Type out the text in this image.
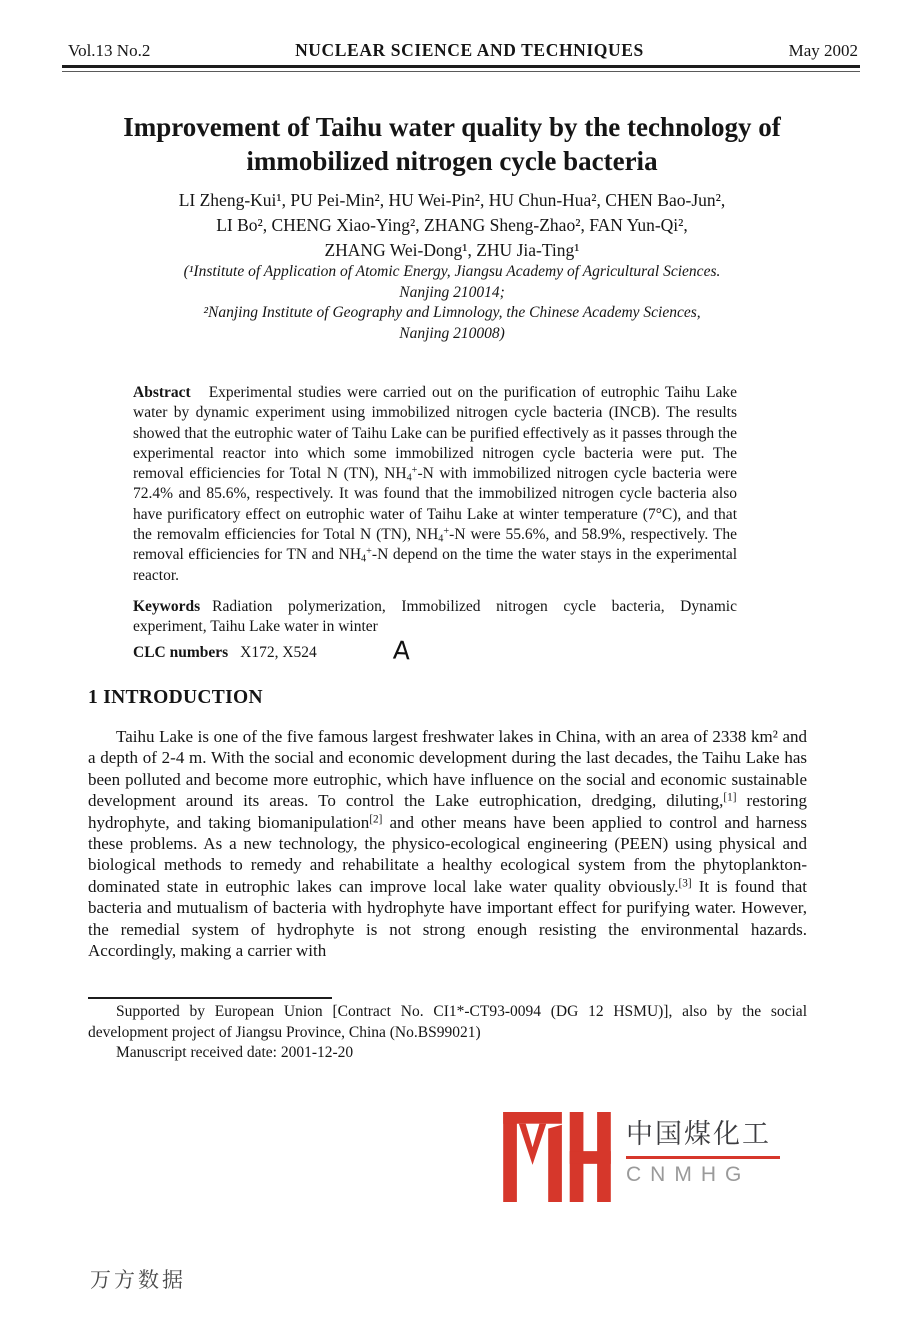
Vol.13 No.2	NUCLEAR SCIENCE AND TECHNIQUES	May 2002
Improvement of Taihu water quality by the technology of
immobilized nitrogen cycle bacteria
LI Zheng-Kui¹, PU Pei-Min², HU Wei-Pin², HU Chun-Hua², CHEN Bao-Jun²,
LI Bo², CHENG Xiao-Ying², ZHANG Sheng-Zhao², FAN Yun-Qi²,
ZHANG Wei-Dong¹, ZHU Jia-Ting¹
(¹Institute of Application of Atomic Energy, Jiangsu Academy of Agricultural Sciences.
Nanjing 210014;
²Nanjing Institute of Geography and Limnology, the Chinese Academy Sciences,
Nanjing 210008)
Abstract Experimental studies were carried out on the purification of eutrophic Taihu Lake water by dynamic experiment using immobilized nitrogen cycle bacteria (INCB). The results showed that the eutrophic water of Taihu Lake can be purified effectively as it passes through the experimental reactor into which some immobilized nitrogen cycle bacteria were put. The removal efficiencies for Total N (TN), $NH_4^+-N$ with immobilized nitrogen cycle bacteria were 72.4% and 85.6%, respectively. It was found that the immobilized nitrogen cycle bacteria also have purificatory effect on eutrophic water of Taihu Lake at winter temperature (7°C), and that the removalm efficiencies for Total N (TN), $NH_4^+-N$ were 55.6%, and 58.9%, respectively. The removal efficiencies for TN and $NH_4^+-N$ depend on the time the water stays in the experimental reactor.
Keywords Radiation polymerization, Immobilized nitrogen cycle bacteria, Dynamic experiment, Taihu Lake water in winter
CLC numbers X172, X524	A
1 INTRODUCTION

Taihu Lake is one of the five famous largest freshwater lakes in China, with an area of 2338 km² and a depth of 2-4 m. With the social and economic development during the last decades, the Taihu Lake has been polluted and become more eutrophic, which have influence on the social and economic sustainable development around its areas. To control the Lake eutrophication, dredging, diluting,[1] restoring hydrophyte, and taking biomanipulation[2] and other means have been applied to control and harness these problems. As a new technology, the physico-ecological engineering (PEEN) using physical and biological methods to remedy and rehabilitate a healthy ecological system from the phytoplankton-dominated state in eutrophic lakes can improve local lake water quality obviously.[3] It is found that bacteria and mutualism of bacteria with hydrophyte have important effect for purifying water. However, the remedial system of hydrophyte is not strong enough resisting the environmental hazards. Accordingly, making a carrier with

Supported by European Union [Contract No. CI1*-CT93-0094 (DG 12 HSMU)], also by the social development project of Jiangsu Province, China (No.BS99021)

Manuscript received date: 2001-12-20

中国煤化工
CNMHG
万方数据
